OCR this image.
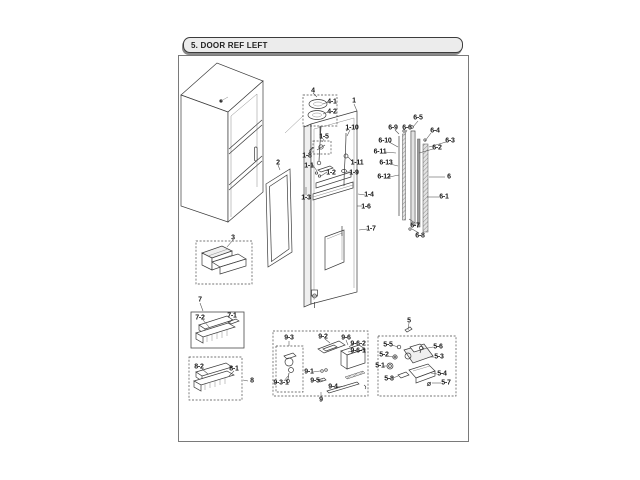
5. DOOR REF LEFT
1
1-10
1-5
1-8
1-1
1-2
1-11
1-9
1-3	1-4
1-6
1-7
2
3
4
4-1
4-2
5
5-5
5-2
5-1
5-8
5-6
5-3
5-4
5-7
6
6-1
6-2
6-3
6-4
6-5
6-6
6-7
6-8
6-9
6-10
6-11
6-13
6-12
7
7-2	7-1
8
8-2	8-1
9
9-3	9-2 9-6
9-6-2
9-6-1
9-1
9-5
9-4
9-3-1
